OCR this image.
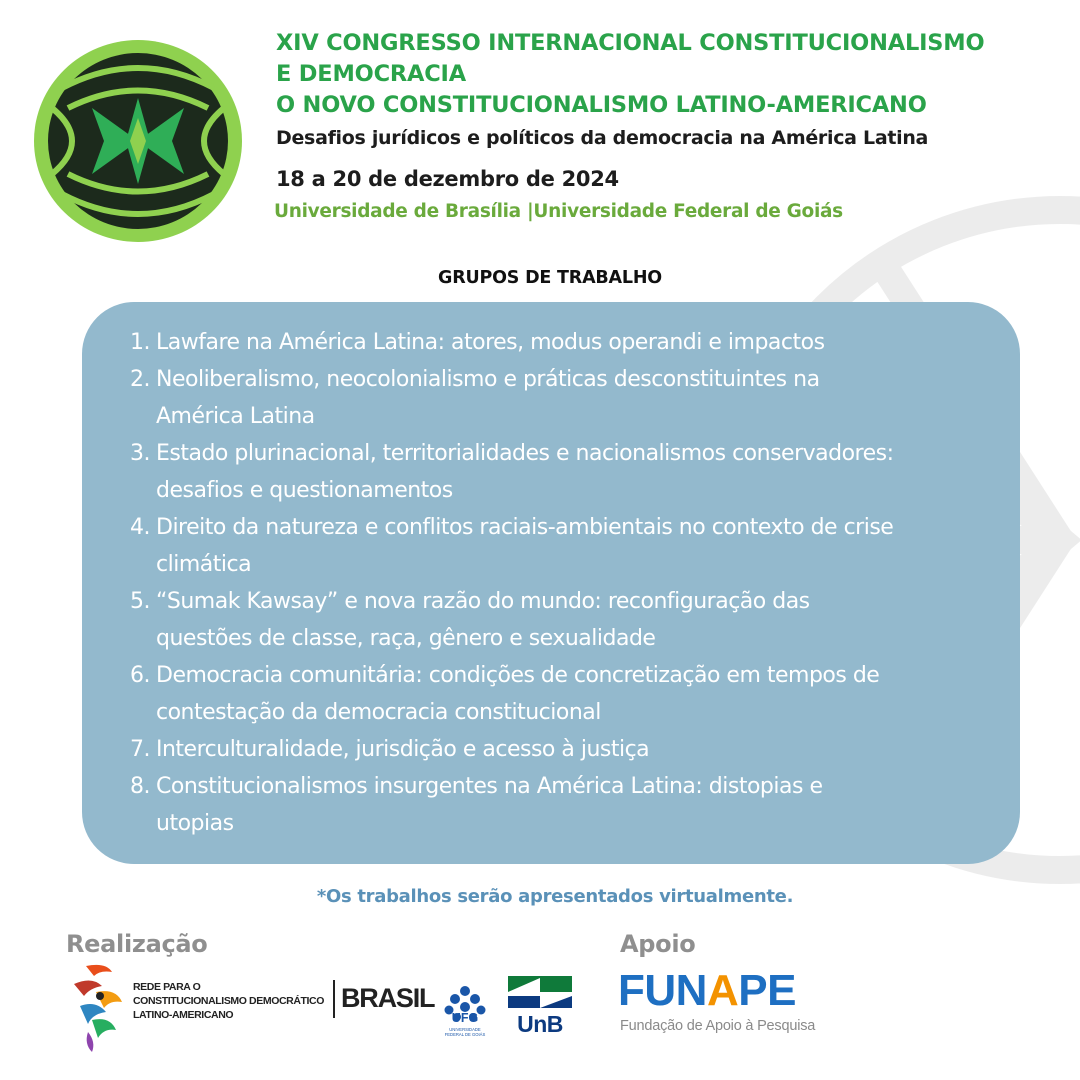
XIV CONGRESSO INTERNACIONAL CONSTITUCIONALISMO
E DEMOCRACIA
O NOVO CONSTITUCIONALISMO LATINO-AMERICANO
Desafios jurídicos e políticos da democracia na América Latina
18 a 20 de dezembro de 2024
Universidade de Brasília |Universidade Federal de Goiás
GRUPOS DE TRABALHO
1. Lawfare na América Latina: atores, modus operandi e impactos
2. Neoliberalismo, neocolonialismo e práticas desconstituintes na
América Latina
3. Estado plurinacional, territorialidades e nacionalismos conservadores:
desafios e questionamentos
4. Direito da natureza e conflitos raciais-ambientais no contexto de crise
climática
5. “Sumak Kawsay” e nova razão do mundo: reconfiguração das
questões de classe, raça, gênero e sexualidade
6. Democracia comunitária: condições de concretização em tempos de
contestação da democracia constitucional
7. Interculturalidade, jurisdição e acesso à justiça
8. Constitucionalismos insurgentes na América Latina: distopias e
utopias
*Os trabalhos serão apresentados virtualmente.
Realização	Apoio
REDE PARA O
CONSTITUCIONALISMO DEMOCRÁTICO
LATINO-AMERICANO
BRASIL
UFG
UNIVERSIDADE
FEDERAL DE GOIÁS	UnB
FUNAPE
Fundação de Apoio à Pesquisa
